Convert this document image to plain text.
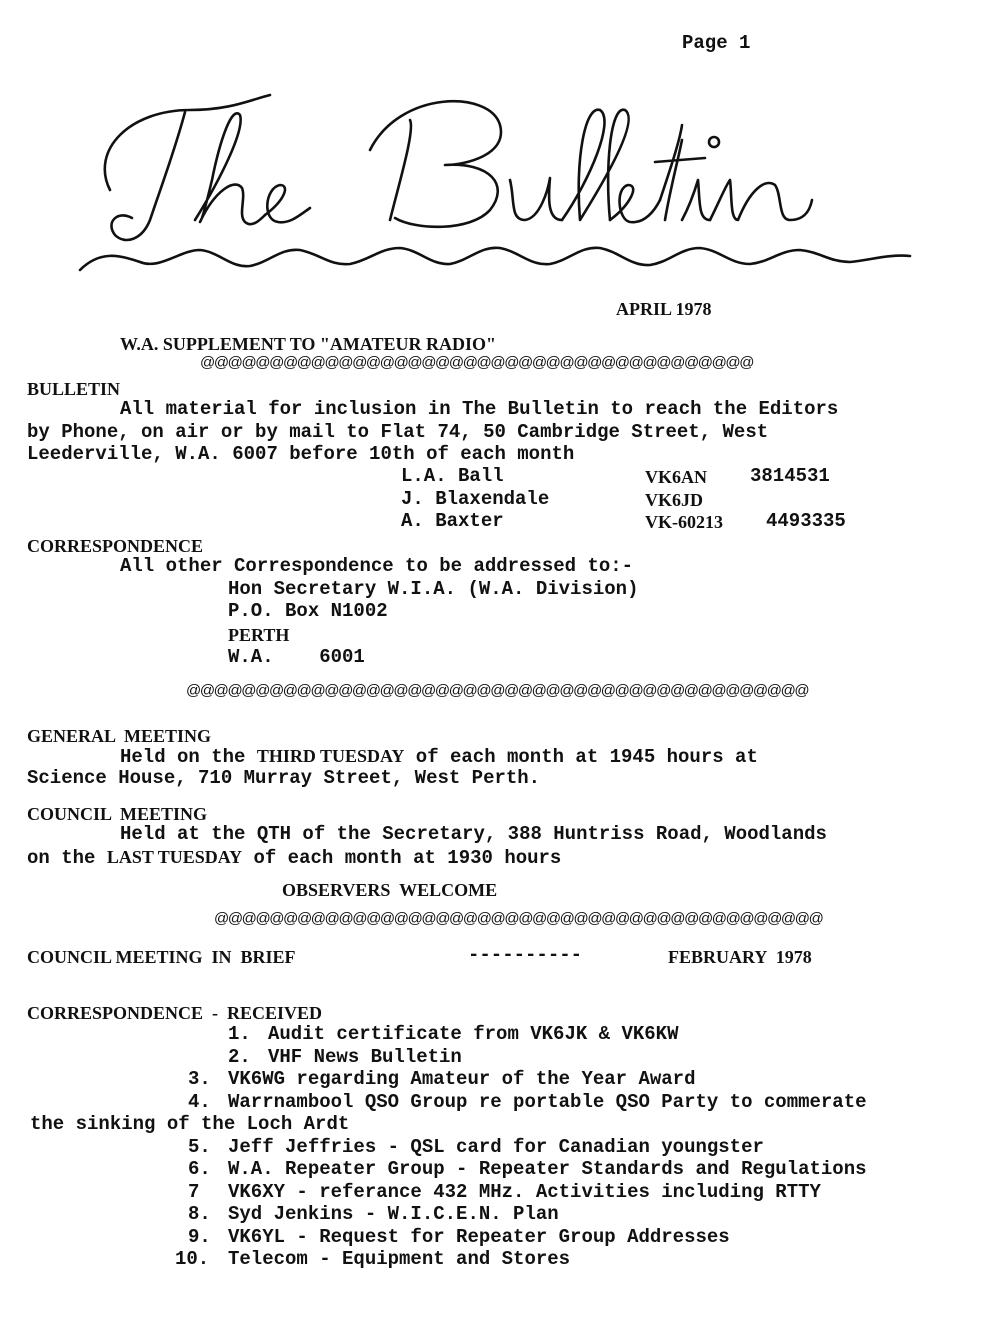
Page 1
APRIL 1978
W.A. SUPPLEMENT TO "AMATEUR RADIO"
@@@@@@@@@@@@@@@@@@@@@@@@@@@@@@@@@@@@@@@@
BULLETIN
All material for inclusion in The Bulletin to reach the Editors
by Phone, on air or by mail to Flat 74, 50 Cambridge Street, West
Leederville, W.A. 6007 before 10th of each month
L.A. Ball
J. Blaxendale
A. Baxter
VK6AN
VK6JD
VK-60213
3814531
4493335
CORRESPONDENCE
All other Correspondence to be addressed to:-
Hon Secretary W.I.A. (W.A. Division)
P.O. Box N1002
PERTH
W.A.    6001
@@@@@@@@@@@@@@@@@@@@@@@@@@@@@@@@@@@@@@@@@@@@@
GENERAL  MEETING
Held on the THIRD TUESDAY of each month at 1945 hours at
Science House, 710 Murray Street, West Perth.
COUNCIL  MEETING
Held at the QTH of the Secretary, 388 Huntriss Road, Woodlands
on the LAST TUESDAY of each month at 1930 hours
OBSERVERS  WELCOME
@@@@@@@@@@@@@@@@@@@@@@@@@@@@@@@@@@@@@@@@@@@@
COUNCIL MEETING  IN  BRIEF	----------	FEBRUARY  1978
CORRESPONDENCE  -  RECEIVED
1. Audit certificate from VK6JK & VK6KW
2. VHF News Bulletin
3. VK6WG regarding Amateur of the Year Award
4. Warrnambool QSO Group re portable QSO Party to commerate
the sinking of the Loch Ardt
5. Jeff Jeffries - QSL card for Canadian youngster
6. W.A. Repeater Group - Repeater Standards and Regulations
7 VK6XY - referance 432 MHz. Activities including RTTY
8. Syd Jenkins - W.I.C.E.N. Plan
9. VK6YL - Request for Repeater Group Addresses
10. Telecom - Equipment and Stores
